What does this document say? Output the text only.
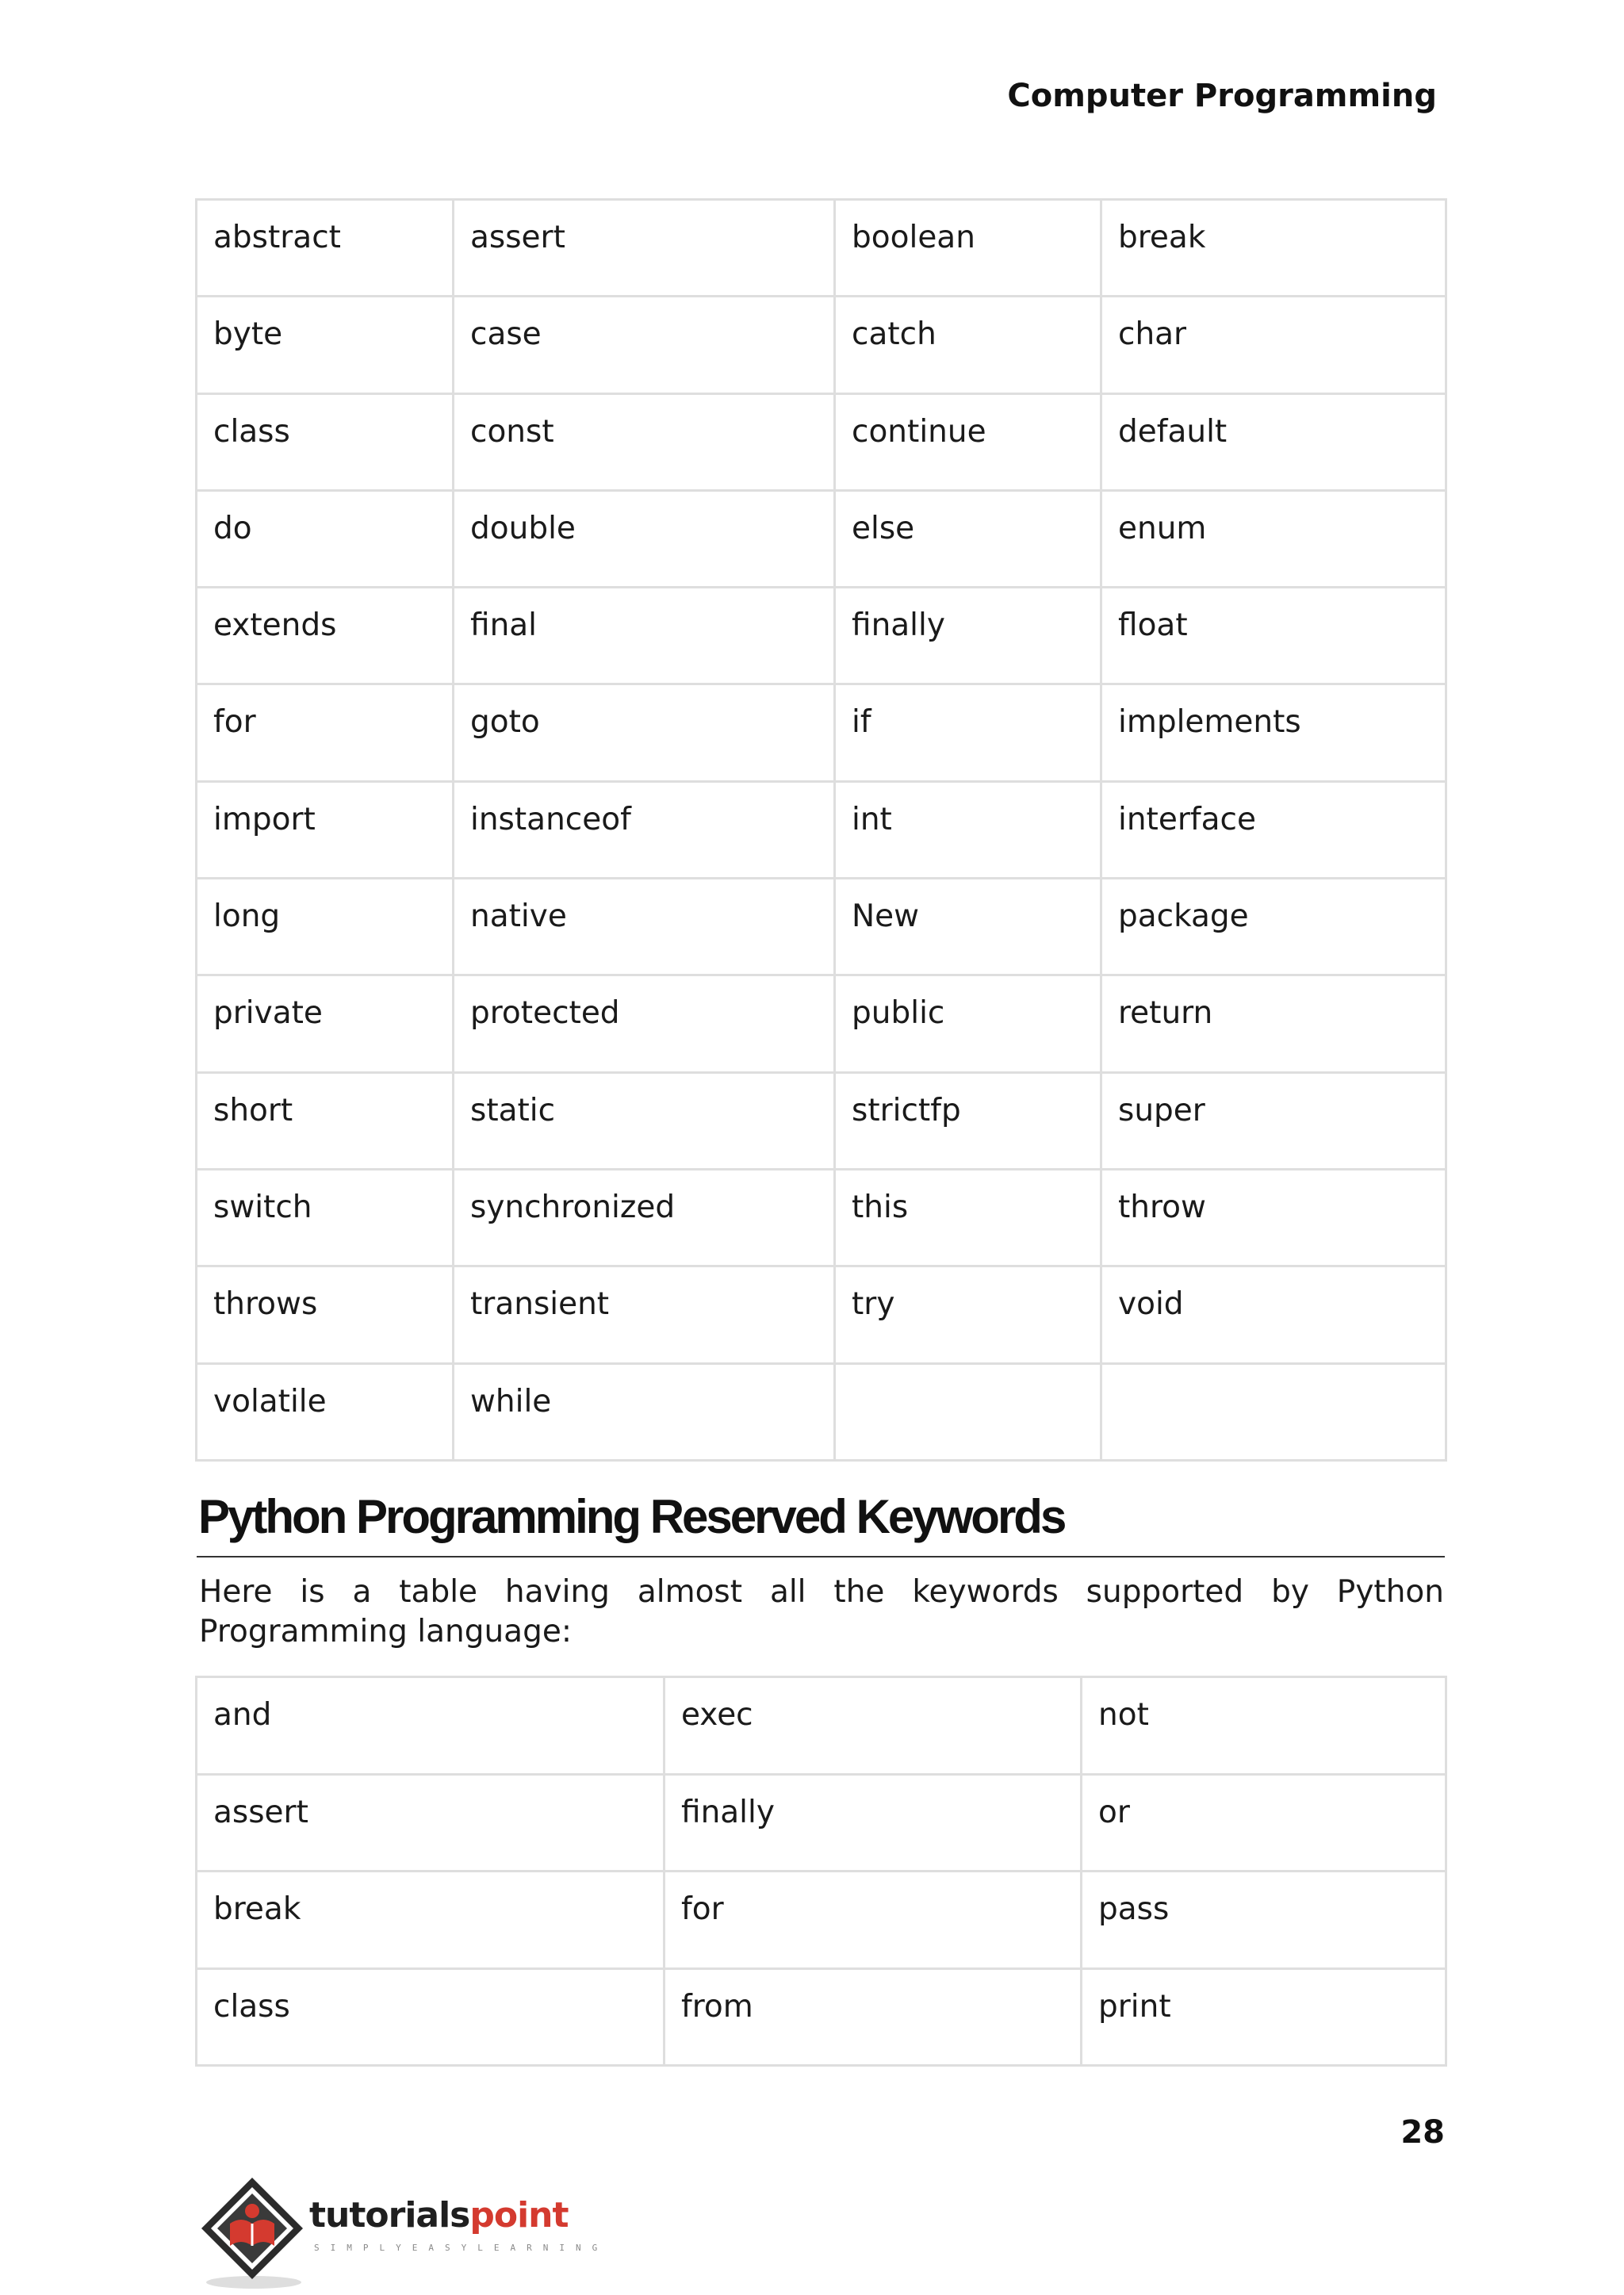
Computer Programming
abstract	assert	boolean	break
byte	case	catch	char
class	const	continue	default
do	double	else	enum
extends	final	finally	float
for	goto	if	implements
import	instanceof	int	interface
long	native	New	package
private	protected	public	return
short	static	strictfp	super
switch	synchronized	this	throw
throws	transient	try	void
volatile	while		
Python Programming Reserved Keywords

Here is a table having almost all the keywords supported by Python Programming language:

and	exec	not
assert	finally	or
break	for	pass
class	from	print
28
tutorialspoint
SIMPLYEASYLEARNING
